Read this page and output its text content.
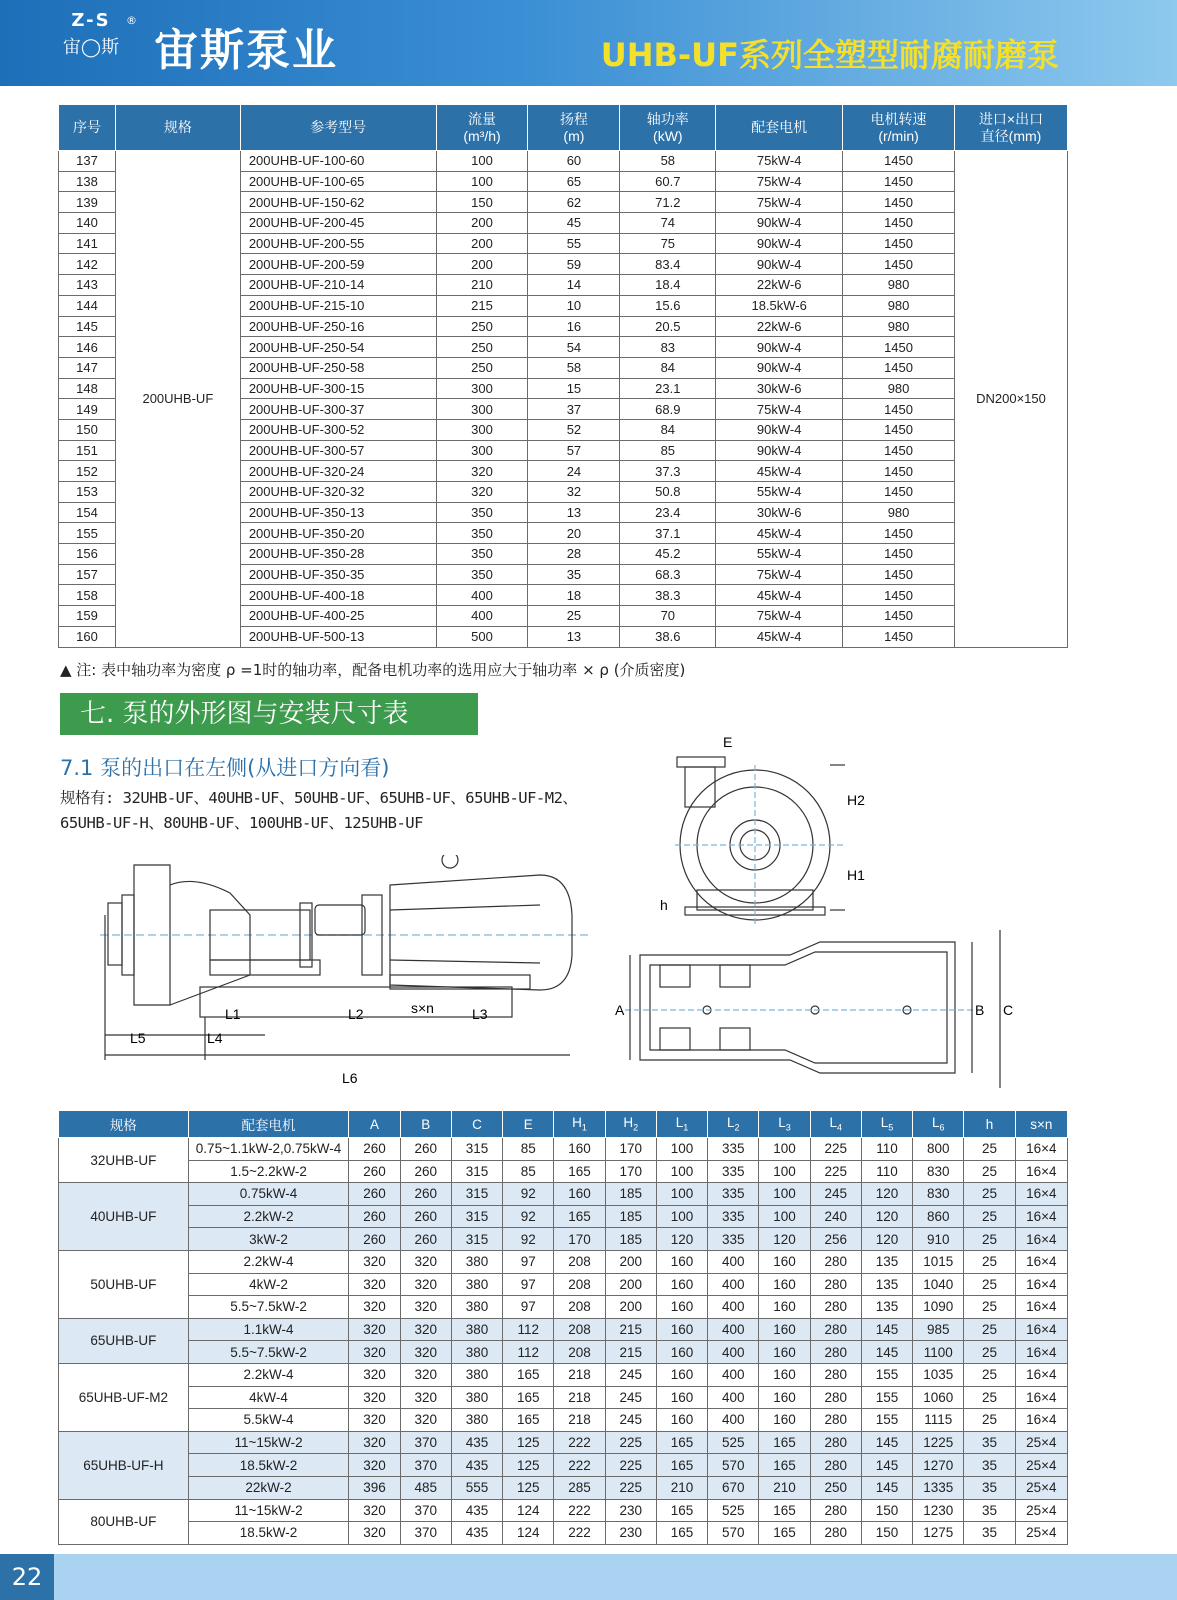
Z-S
宙◯斯
®
宙斯泵业	UHB-UF系列全塑型耐腐耐磨泵
序号	规格	参考型号	流量
(m³/h)	扬程
(m)	轴功率
(kW)	配套电机	电机转速
(r/min)	进口×出口
直径(mm)
137	200UHB-UF	200UHB-UF-100-60	100	60	58	75kW-4	1450	DN200×150
138		200UHB-UF-100-65	100	65	60.7	75kW-4	1450	
139		200UHB-UF-150-62	150	62	71.2	75kW-4	1450	
140		200UHB-UF-200-45	200	45	74	90kW-4	1450	
141		200UHB-UF-200-55	200	55	75	90kW-4	1450	
142		200UHB-UF-200-59	200	59	83.4	90kW-4	1450	
143		200UHB-UF-210-14	210	14	18.4	22kW-6	980	
144		200UHB-UF-215-10	215	10	15.6	18.5kW-6	980	
145		200UHB-UF-250-16	250	16	20.5	22kW-6	980	
146		200UHB-UF-250-54	250	54	83	90kW-4	1450	
147		200UHB-UF-250-58	250	58	84	90kW-4	1450	
148		200UHB-UF-300-15	300	15	23.1	30kW-6	980	
149		200UHB-UF-300-37	300	37	68.9	75kW-4	1450	
150		200UHB-UF-300-52	300	52	84	90kW-4	1450	
151		200UHB-UF-300-57	300	57	85	90kW-4	1450	
152		200UHB-UF-320-24	320	24	37.3	45kW-4	1450	
153		200UHB-UF-320-32	320	32	50.8	55kW-4	1450	
154		200UHB-UF-350-13	350	13	23.4	30kW-6	980	
155		200UHB-UF-350-20	350	20	37.1	45kW-4	1450	
156		200UHB-UF-350-28	350	28	45.2	55kW-4	1450	
157		200UHB-UF-350-35	350	35	68.3	75kW-4	1450	
158		200UHB-UF-400-18	400	18	38.3	45kW-4	1450	
159		200UHB-UF-400-25	400	25	70	75kW-4	1450	
160		200UHB-UF-500-13	500	13	38.6	45kW-4	1450	
▲ 注: 表中轴功率为密度 ρ =1时的轴功率，配备电机功率的选用应大于轴功率 × ρ (介质密度)
七. 泵的外形图与安装尺寸表
7.1 泵的出口在左侧(从进口方向看)
规格有: 32UHB-UF、40UHB-UF、50UHB-UF、65UHB-UF、65UHB-UF-M2、
65UHB-UF-H、80UHB-UF、100UHB-UF、125UHB-UF
L1	L2	s×n	L3
L5	L4
L6
E
H2
H1
h
A	B C
规格	配套电机	A	B	C	E	$H_1$	$H_2$	$L_1$	$L_2$	$L_3$	$L_4$	$L_5$	$L_6$	h	s×n
32UHB-UF	0.75~1.1kW-2,0.75kW-4	260	260	315	85	160	170	100	335	100	225	110	800	25	16×4
	1.5~2.2kW-2	260	260	315	85	165	170	100	335	100	225	110	830	25	16×4
40UHB-UF	0.75kW-4	260	260	315	92	160	185	100	335	100	245	120	830	25	16×4
	2.2kW-2	260	260	315	92	165	185	100	335	100	240	120	860	25	16×4
	3kW-2	260	260	315	92	170	185	120	335	120	256	120	910	25	16×4
50UHB-UF	2.2kW-4	320	320	380	97	208	200	160	400	160	280	135	1015	25	16×4
	4kW-2	320	320	380	97	208	200	160	400	160	280	135	1040	25	16×4
	5.5~7.5kW-2	320	320	380	97	208	200	160	400	160	280	135	1090	25	16×4
65UHB-UF	1.1kW-4	320	320	380	112	208	215	160	400	160	280	145	985	25	16×4
	5.5~7.5kW-2	320	320	380	112	208	215	160	400	160	280	145	1100	25	16×4
65UHB-UF-M2	2.2kW-4	320	320	380	165	218	245	160	400	160	280	155	1035	25	16×4
	4kW-4	320	320	380	165	218	245	160	400	160	280	155	1060	25	16×4
	5.5kW-4	320	320	380	165	218	245	160	400	160	280	155	1115	25	16×4
65UHB-UF-H	11~15kW-2	320	370	435	125	222	225	165	525	165	280	145	1225	35	25×4
	18.5kW-2	320	370	435	125	222	225	165	570	165	280	145	1270	35	25×4
	22kW-2	396	485	555	125	285	225	210	670	210	250	145	1335	35	25×4
80UHB-UF	11~15kW-2	320	370	435	124	222	230	165	525	165	280	150	1230	35	25×4
	18.5kW-2	320	370	435	124	222	230	165	570	165	280	150	1275	35	25×4
22
